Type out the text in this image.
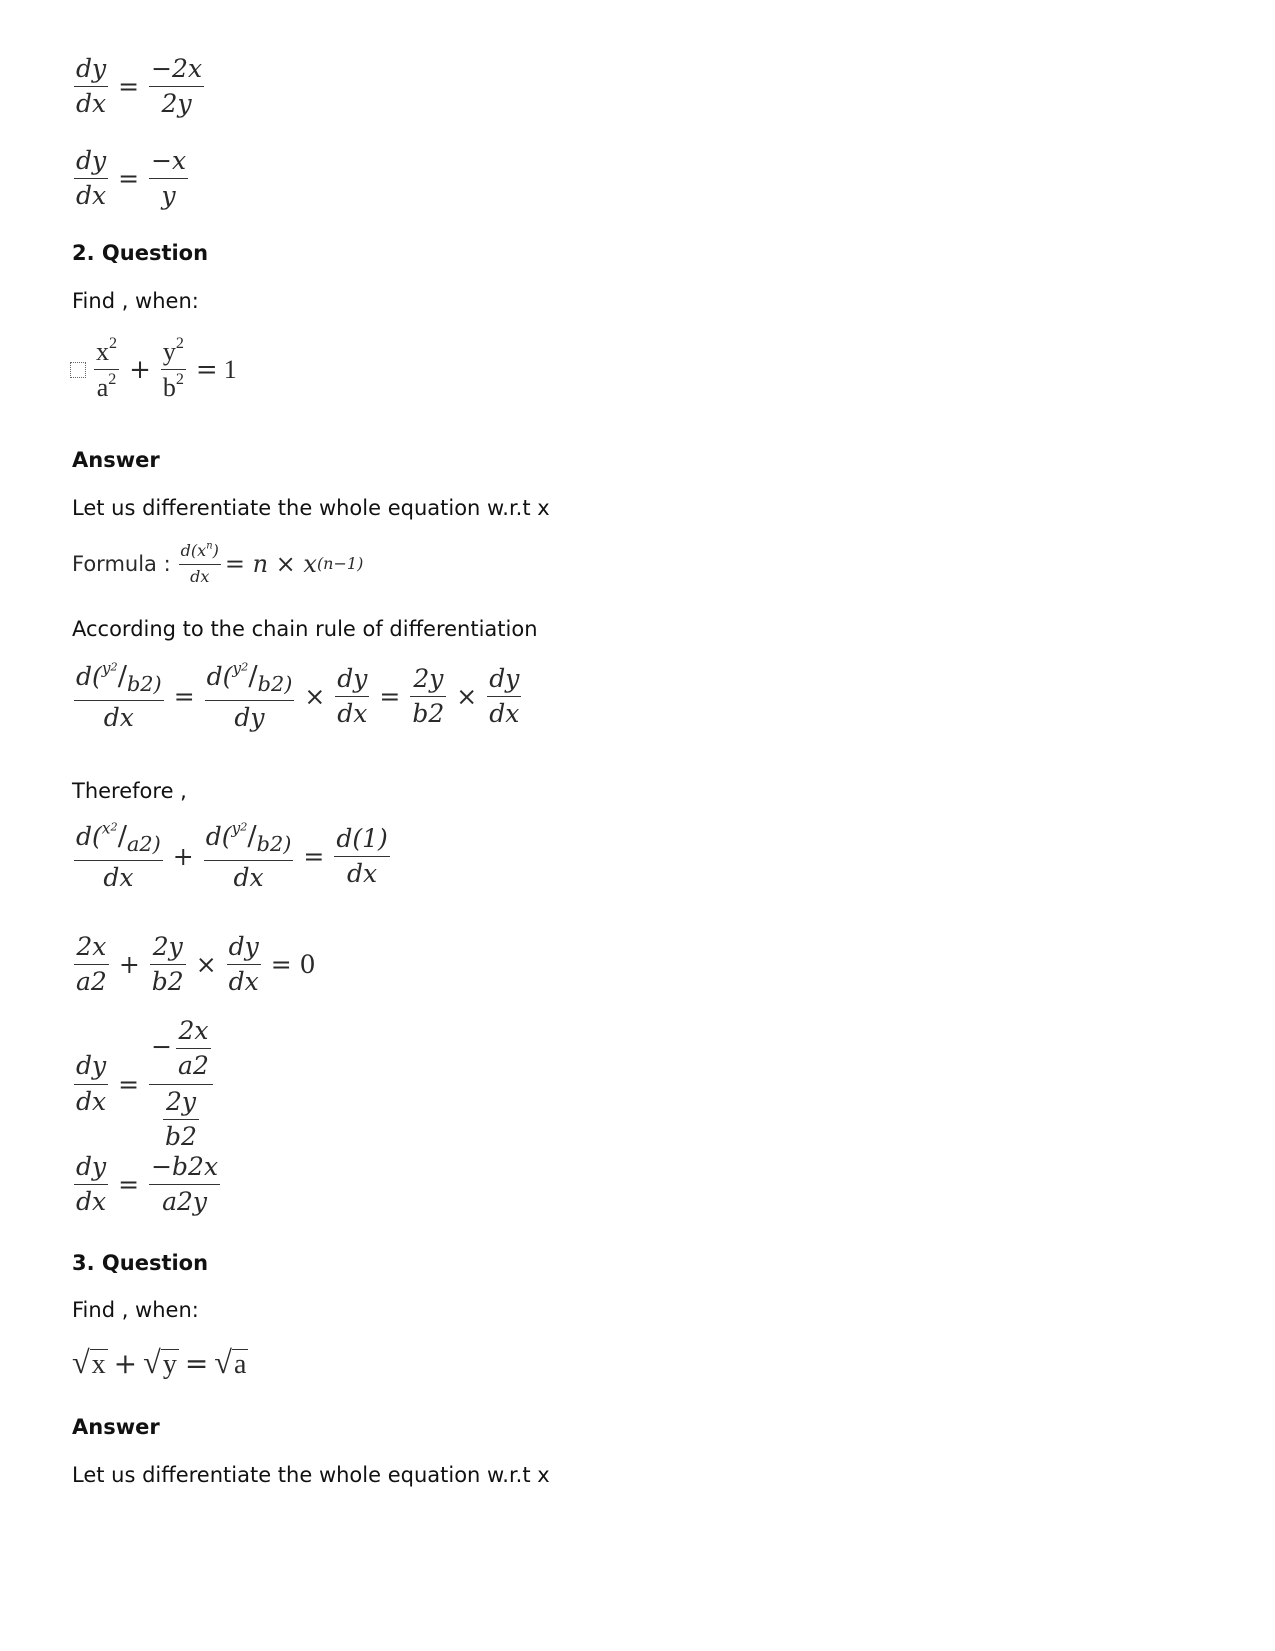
$\frac{dy}{dx} = \frac{-2x}{2y}$
$\frac{dy}{dx} = \frac{-x}{y}$
2. Question
Find , when:
$\frac{x^2}{a^2} + \frac{y^2}{b^2} = 1$
Answer
Let us differentiate the whole equation w.r.t x
Formula : $\frac{d(x^n)}{dx} = n \times x$ (n−1)
According to the chain rule of differentiation
$\frac{d(^{y2}/_{b2)}}{dx} = \frac{d(^{y2}/_{b2)}}{dy} \times \frac{dy}{dx} = \frac{2y}{b2} \times \frac{dy}{dx}$
Therefore ,
$\frac{d(^{x2}/_{a2)}}{dx} + \frac{d(^{y2}/_{b2)}}{dx} = \frac{d(1)}{dx}$
$\frac{2x}{a2} + \frac{2y}{b2} \times \frac{dy}{dx} = 0$
$\frac{dy}{dx} = \frac{- \frac{2x}{a2}}{\frac{2y}{b2}}$
$\frac{dy}{dx} = \frac{-b2x}{a2y}$
3. Question
Find , when:
√ x + √ y = √ a
Answer
Let us differentiate the whole equation w.r.t x
